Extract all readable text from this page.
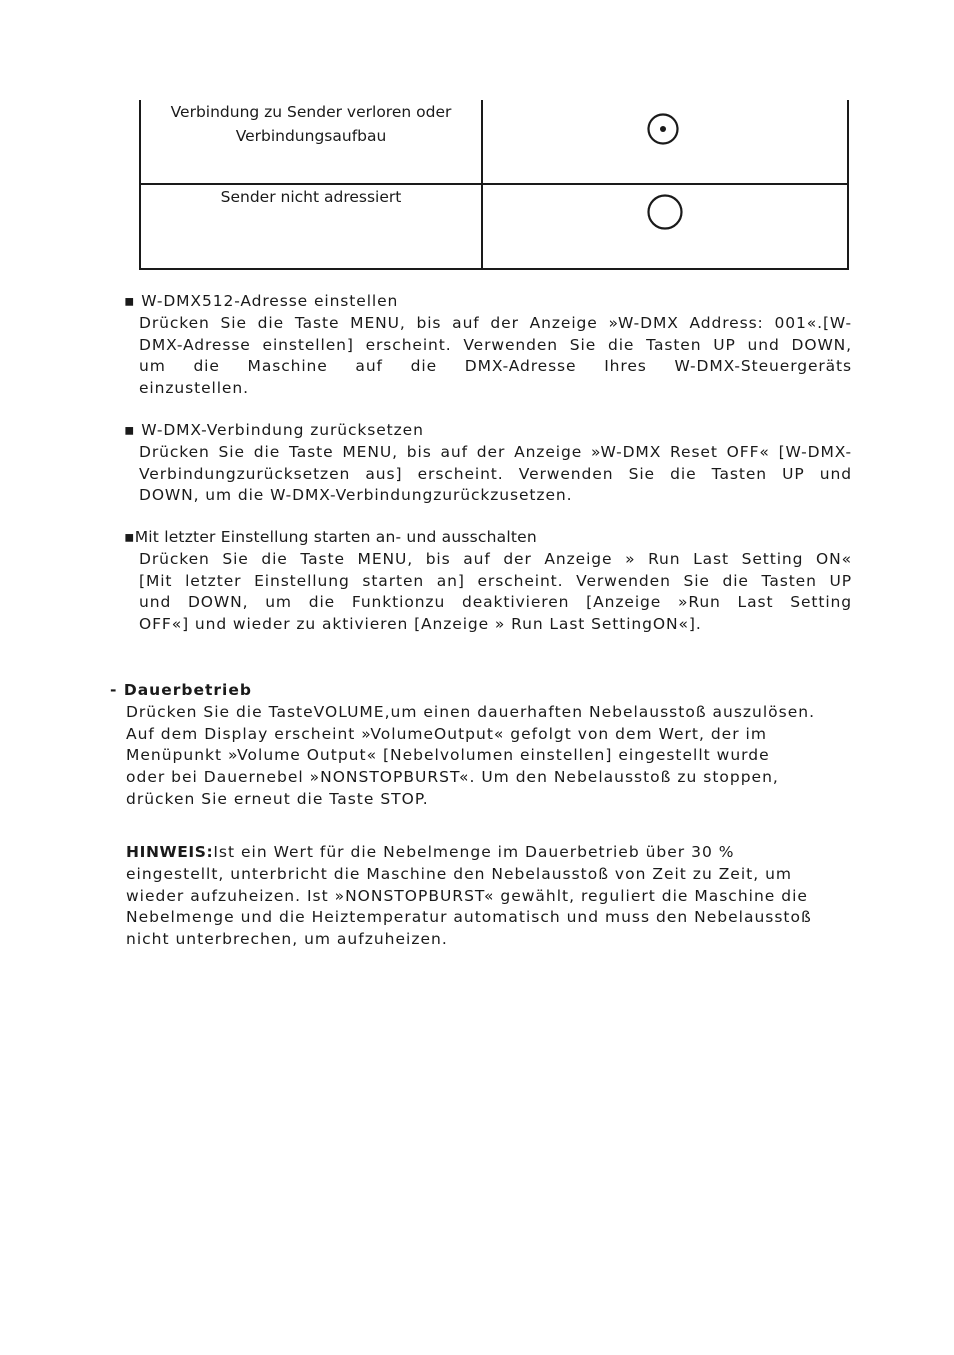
Verbindung zu Sender verloren oder
Verbindungsaufbau

Sender nicht adressiert

▪ W-DMX512-Adresse einstellen
Drücken Sie die Taste MENU, bis auf der Anzeige »W-DMX Address: 001«.[W-
DMX-Adresse einstellen] erscheint. Verwenden Sie die Tasten UP und DOWN,
um die Maschine auf die DMX-Adresse Ihres W-DMX-Steuergeräts
einzustellen.
▪ W-DMX-Verbindung zurücksetzen
Drücken Sie die Taste MENU, bis auf der Anzeige »W-DMX Reset OFF« [W-DMX-
Verbindungzurücksetzen aus] erscheint. Verwenden Sie die Tasten UP und
DOWN, um die W-DMX-Verbindungzurückzusetzen.
▪Mit letzter Einstellung starten an- und ausschalten
Drücken Sie die Taste MENU, bis auf der Anzeige » Run Last Setting ON«
[Mit letzter Einstellung starten an] erscheint. Verwenden Sie die Tasten UP
und DOWN, um die Funktionzu deaktivieren [Anzeige »Run Last Setting
OFF«] und wieder zu aktivieren [Anzeige » Run Last SettingON«].
- Dauerbetrieb
Drücken Sie die TasteVOLUME,um einen dauerhaften Nebelausstoß auszulösen.
Auf dem Display erscheint »VolumeOutput« gefolgt von dem Wert, der im
Menüpunkt »Volume Output« [Nebelvolumen einstellen] eingestellt wurde
oder bei Dauernebel »NONSTOPBURST«. Um den Nebelausstoß zu stoppen,
drücken Sie erneut die Taste STOP.
HINWEIS:Ist ein Wert für die Nebelmenge im Dauerbetrieb über 30 %
eingestellt, unterbricht die Maschine den Nebelausstoß von Zeit zu Zeit, um
wieder aufzuheizen. Ist »NONSTOPBURST« gewählt, reguliert die Maschine die
Nebelmenge und die Heiztemperatur automatisch und muss den Nebelausstoß
nicht unterbrechen, um aufzuheizen.
